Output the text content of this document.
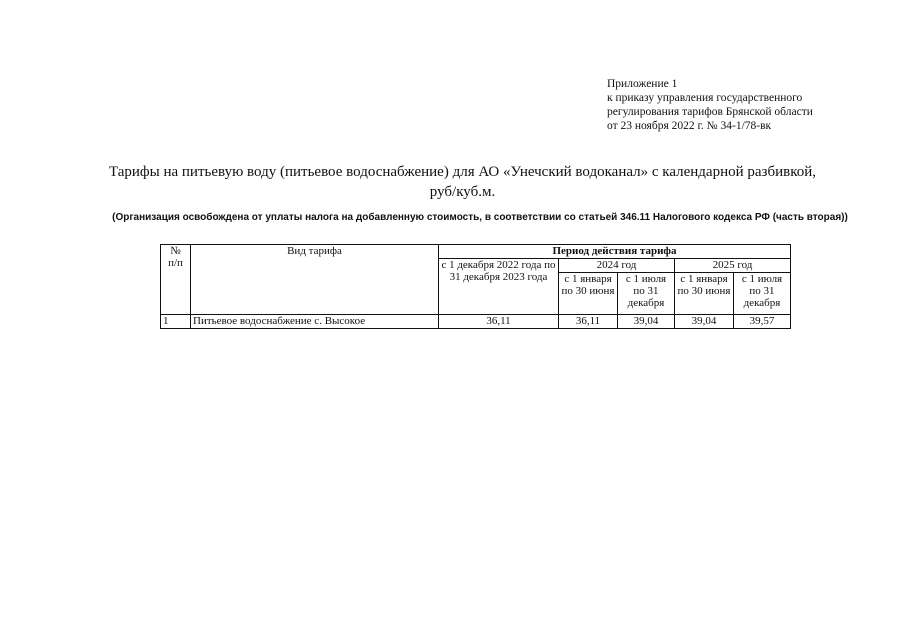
Приложение 1
к приказу управления государственного
регулирования тарифов Брянской области
от 23 ноября 2022 г. № 34-1/78-вк
Тарифы на питьевую воду (питьевое водоснабжение) для АО «Унечский водоканал» с календарной разбивкой,
руб/куб.м.
(Организация освобождена от уплаты налога на добавленную стоимость, в соответствии со статьей 346.11 Налогового кодекса РФ (часть вторая))
№
п/п	Вид тарифа	Период действия тарифа				
		с 1 декабря 2022 года по 31 декабря 2023 года	2024 год		2025 год	
			с 1 января по 30 июня	с 1 июля по 31 декабря	с 1 января по 30 июня	с 1 июля по 31 декабря
1	Питьевое водоснабжение с. Высокое	36,11	36,11	39,04	39,04	39,57
